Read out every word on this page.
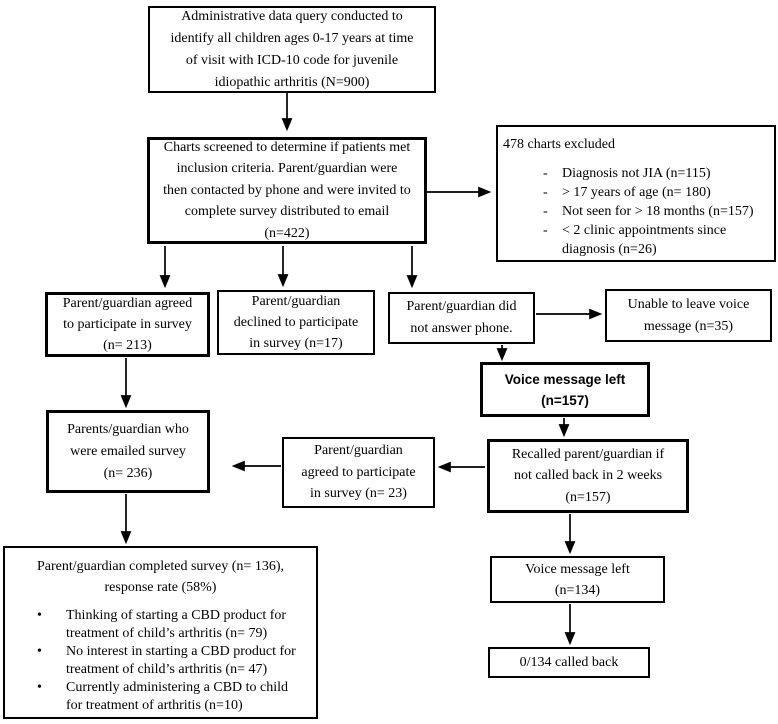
Administrative data query conducted to
identify all children ages 0-17 years at time
of visit with ICD-10 code for juvenile
idiopathic arthritis (N=900)
Charts screened to determine if patients met
inclusion criteria. Parent/guardian were
then contacted by phone and were invited to
complete survey distributed to email
(n=422)
478 charts excluded
-	Diagnosis not JIA (n=115)
-	> 17 years of age (n= 180)
-	Not seen for > 18 months (n=157)
-	< 2 clinic appointments since
diagnosis (n=26)
Parent/guardian agreed
to participate in survey
(n= 213)
Parent/guardian
declined to participate
in survey (n=17)
Parent/guardian did
not answer phone.
Unable to leave voice
message (n=35)
Voice message left
(n=157)
Parents/guardian who
were emailed survey
(n= 236)
Parent/guardian
agreed to participate
in survey (n= 23)
Recalled parent/guardian if
not called back in 2 weeks
(n=157)
Voice message left
(n=134)
Parent/guardian completed survey (n= 136),
response rate (58%)
•	Thinking of starting a CBD product for
treatment of child’s arthritis (n= 79)
•	No interest in starting a CBD product for
treatment of child’s arthritis (n= 47)
•	Currently administering a CBD to child
for treatment of arthritis (n=10)
0/134 called back
